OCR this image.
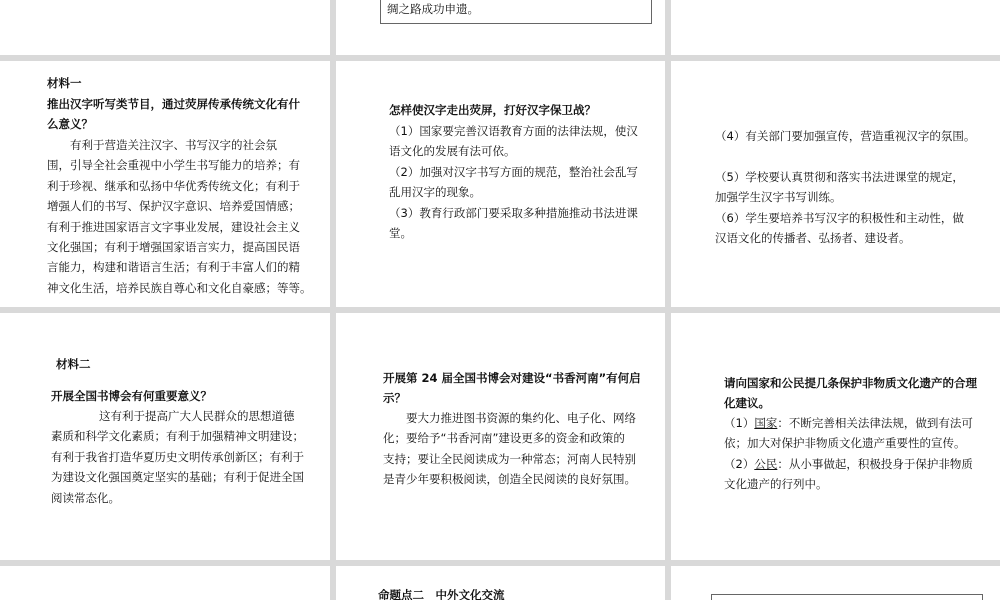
绸之路成功申遗。
材料一
推出汉字听写类节目，通过荧屏传承传统文化有什
么意义？
有利于营造关注汉字、书写汉字的社会氛
围，引导全社会重视中小学生书写能力的培养；有
利于珍视、继承和弘扬中华优秀传统文化；有利于
增强人们的书写、保护汉字意识、培养爱国情感；
有利于推进国家语言文字事业发展，建设社会主义
文化强国；有利于增强国家语言实力，提高国民语
言能力，构建和谐语言生活；有利于丰富人们的精
神文化生活，培养民族自尊心和文化自豪感；等等。
怎样使汉字走出荧屏，打好汉字保卫战？
（1）国家要完善汉语教育方面的法律法规，使汉
语文化的发展有法可依。
（2）加强对汉字书写方面的规范，整治社会乱写
乱用汉字的现象。
（3）教育行政部门要采取多种措施推动书法进课
堂。
（4）有关部门要加强宣传，营造重视汉字的氛围。
（5）学校要认真贯彻和落实书法进课堂的规定，
加强学生汉字书写训练。
（6）学生要培养书写汉字的积极性和主动性，做
汉语文化的传播者、弘扬者、建设者。
材料二
开展全国书博会有何重要意义？
这有利于提高广大人民群众的思想道德
素质和科学文化素质；有利于加强精神文明建设；
有利于我省打造华夏历史文明传承创新区；有利于
为建设文化强国奠定坚实的基础；有利于促进全国
阅读常态化。
开展第 24 届全国书博会对建设“书香河南”有何启
示？
要大力推进图书资源的集约化、电子化、网络
化；要给予“书香河南”建设更多的资金和政策的
支持；要让全民阅读成为一种常态；河南人民特别
是青少年要积极阅读，创造全民阅读的良好氛围。
请向国家和公民提几条保护非物质文化遗产的合理
化建议。
（1）国家：不断完善相关法律法规，做到有法可
依；加大对保护非物质文化遗产重要性的宣传。
（2）公民：从小事做起，积极投身于保护非物质
文化遗产的行列中。
命题点二　中外文化交流
